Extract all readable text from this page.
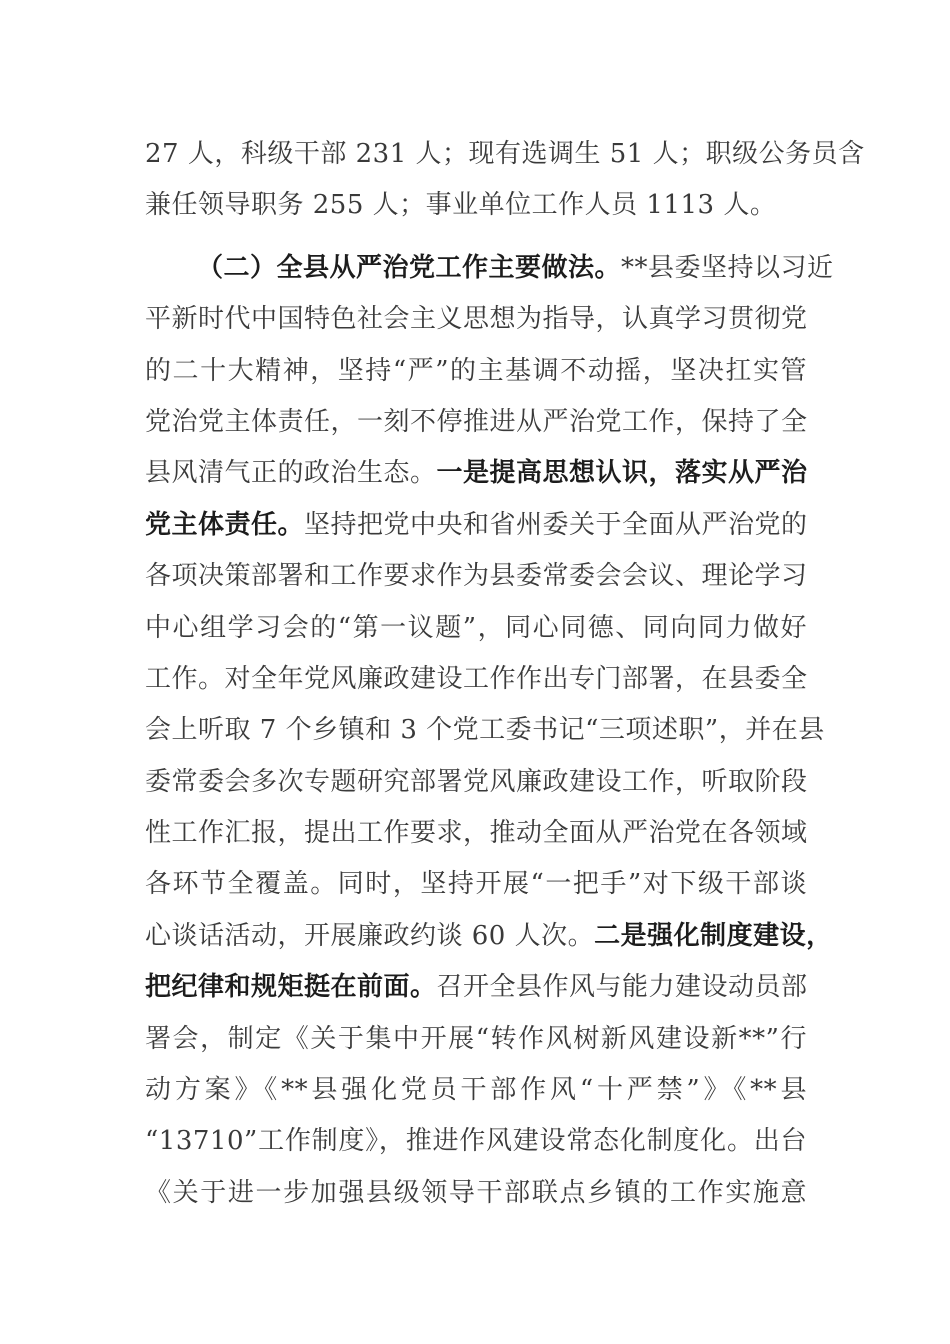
27 人，科级干部 231 人；现有选调生 51 人；职级公务员含
兼任领导职务 255 人；事业单位工作人员 1113 人。
（二）全县从严治党工作主要做法。**县委坚持以习近
平新时代中国特色社会主义思想为指导，认真学习贯彻党
的二十大精神，坚持“严”的主基调不动摇，坚决扛实管
党治党主体责任，一刻不停推进从严治党工作，保持了全
县风清气正的政治生态。一是提高思想认识，落实从严治
党主体责任。坚持把党中央和省州委关于全面从严治党的
各项决策部署和工作要求作为县委常委会会议、理论学习
中心组学习会的“第一议题”，同心同德、同向同力做好
工作。对全年党风廉政建设工作作出专门部署，在县委全
会上听取 7 个乡镇和 3 个党工委书记“三项述职”，并在县
委常委会多次专题研究部署党风廉政建设工作，听取阶段
性工作汇报，提出工作要求，推动全面从严治党在各领域
各环节全覆盖。同时，坚持开展“一把手”对下级干部谈
心谈话活动，开展廉政约谈 60 人次。二是强化制度建设，
把纪律和规矩挺在前面。召开全县作风与能力建设动员部
署会，制定《关于集中开展“转作风树新风建设新**”行
动方案》《**县强化党员干部作风“十严禁”》《**县
“13710”工作制度》，推进作风建设常态化制度化。出台
《关于进一步加强县级领导干部联点乡镇的工作实施意
